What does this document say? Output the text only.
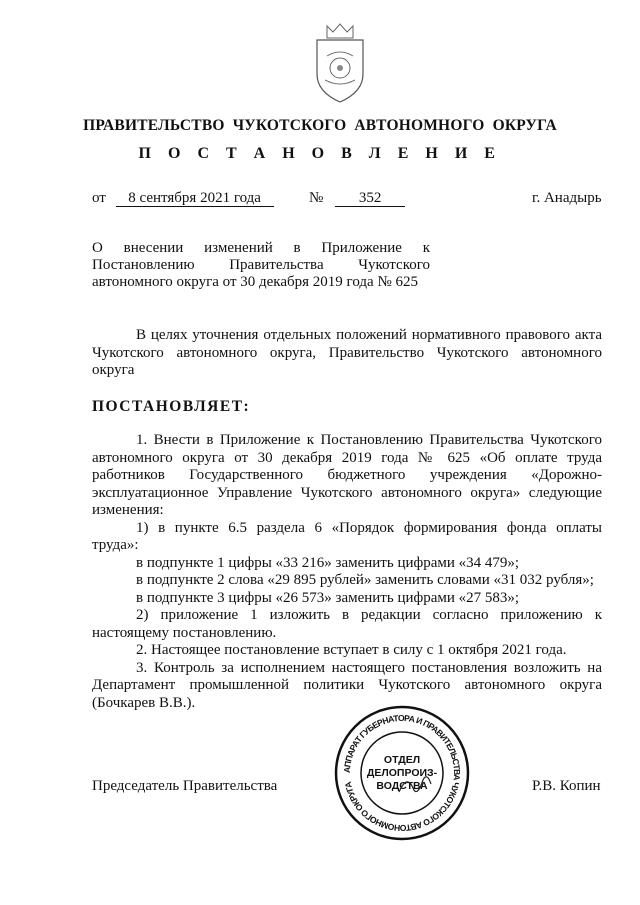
ПРАВИТЕЛЬСТВО ЧУКОТСКОГО АВТОНОМНОГО ОКРУГА
П О С Т А Н О В Л Е Н И Е
от 8 сентября 2021 года	№ 352	г. Анадырь
О внесении изменений в Приложение к
Постановлению Правительства Чукотского
автономного округа от 30 декабря 2019 года № 625
В целях уточнения отдельных положений нормативного правового акта
Чукотского автономного округа, Правительство Чукотского автономного
округа
ПОСТАНОВЛЯЕТ:
1. Внести в Приложение к Постановлению Правительства Чукотского
автономного округа от 30 декабря 2019 года № 625 «Об оплате труда
работников Государственного бюджетного учреждения «Дорожно-
эксплуатационное Управление Чукотского автономного округа» следующие
изменения:
1) в пункте 6.5 раздела 6 «Порядок формирования фонда оплаты
труда»:
в подпункте 1 цифры «33 216» заменить цифрами «34 479»;
в подпункте 2 слова «29 895 рублей» заменить словами «31 032 рубля»;
в подпункте 3 цифры «26 573» заменить цифрами «27 583»;
2) приложение 1 изложить в редакции согласно приложению к
настоящему постановлению.
2. Настоящее постановление вступает в силу с 1 октября 2021 года.
3. Контроль за исполнением настоящего постановления возложить на
Департамент промышленной политики Чукотского автономного округа
(Бочкарев В.В.).
Председатель Правительства	Р.В. Копин
АППАРАТ ГУБЕРНАТОРА И ПРАВИТЕЛЬСТВА ЧУКОТСКОГО АВТОНОМНОГО ОКРУГА
ОТДЕЛ
ДЕЛОПРОИЗ-
ВОДСТВА
